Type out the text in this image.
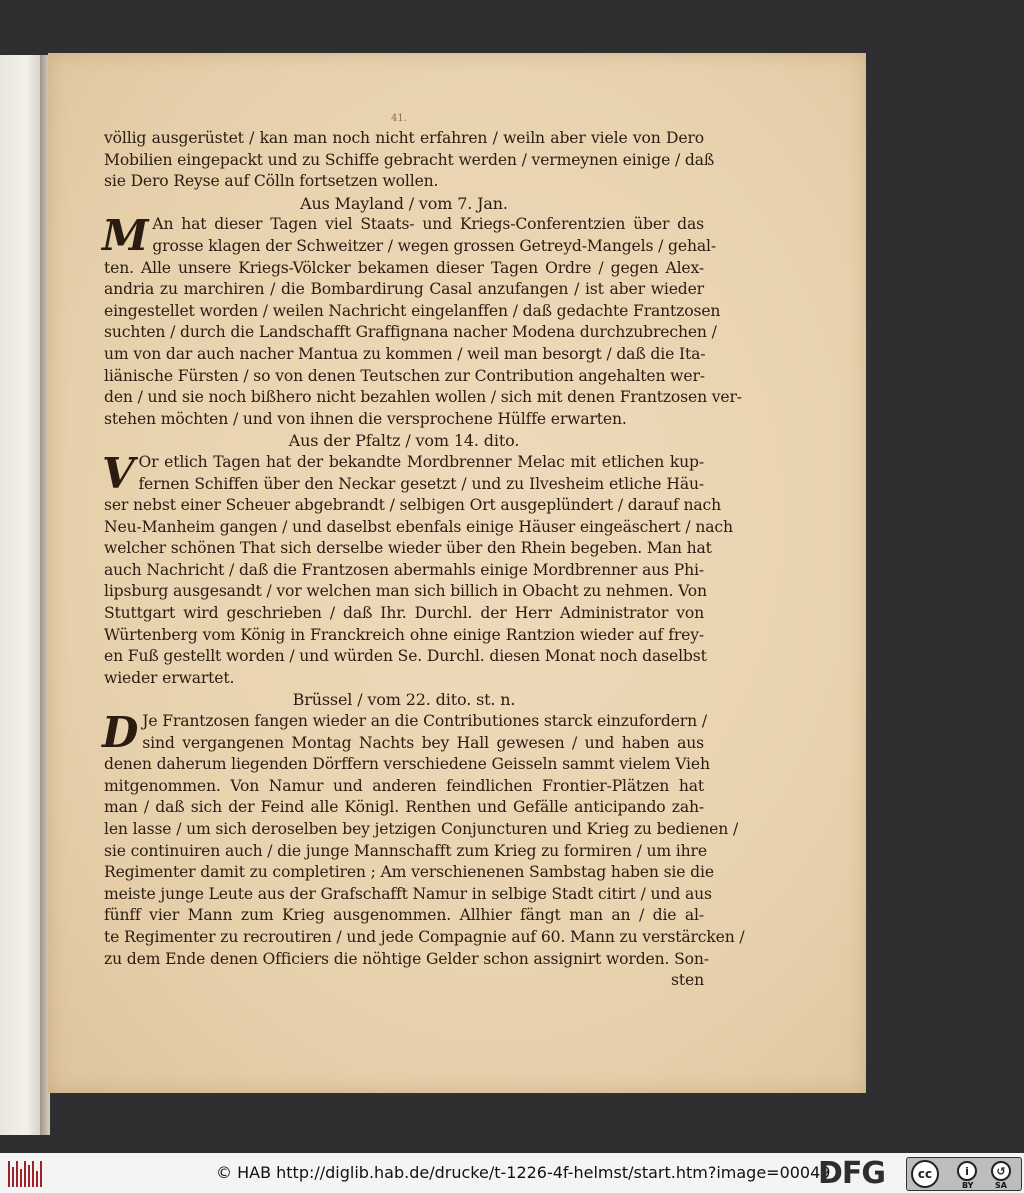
41.
völlig ausgerüstet / kan man noch nicht erfahren / weiln aber viele von Dero
Mobilien eingepackt und zu Schiffe gebracht werden / vermeynen einige / daß
sie Dero Reyse auf Cölln fortsetzen wollen.
Aus Mayland / vom 7. Jan.
M An hat dieser Tagen viel Staats- und Kriegs-Conferentzien über das
grosse klagen der Schweitzer / wegen grossen Getreyd-Mangels / gehal-
ten. Alle unsere Kriegs-Völcker bekamen dieser Tagen Ordre / gegen Alex-
andria zu marchiren / die Bombardirung Casal anzufangen / ist aber wieder
eingestellet worden / weilen Nachricht eingelanffen / daß gedachte Frantzosen
suchten / durch die Landschafft Graffignana nacher Modena durchzubrechen /
um von dar auch nacher Mantua zu kommen / weil man besorgt / daß die Ita-
liänische Fürsten / so von denen Teutschen zur Contribution angehalten wer-
den / und sie noch bißhero nicht bezahlen wollen / sich mit denen Frantzosen ver-
stehen möchten / und von ihnen die versprochene Hülffe erwarten.
Aus der Pfaltz / vom 14. dito.
V Or etlich Tagen hat der bekandte Mordbrenner Melac mit etlichen kup-
fernen Schiffen über den Neckar gesetzt / und zu Ilvesheim etliche Häu-
ser nebst einer Scheuer abgebrandt / selbigen Ort ausgeplündert / darauf nach
Neu-Manheim gangen / und daselbst ebenfals einige Häuser eingeäschert / nach
welcher schönen That sich derselbe wieder über den Rhein begeben. Man hat
auch Nachricht / daß die Frantzosen abermahls einige Mordbrenner aus Phi-
lipsburg ausgesandt / vor welchen man sich billich in Obacht zu nehmen. Von
Stuttgart wird geschrieben / daß Ihr. Durchl. der Herr Administrator von
Würtenberg vom König in Franckreich ohne einige Rantzion wieder auf frey-
en Fuß gestellt worden / und würden Se. Durchl. diesen Monat noch daselbst
wieder erwartet.
Brüssel / vom 22. dito. st. n.
D Je Frantzosen fangen wieder an die Contributiones starck einzufordern /
sind vergangenen Montag Nachts bey Hall gewesen / und haben aus
denen daherum liegenden Dörffern verschiedene Geisseln sammt vielem Vieh
mitgenommen. Von Namur und anderen feindlichen Frontier-Plätzen hat
man / daß sich der Feind alle Königl. Renthen und Gefälle anticipando zah-
len lasse / um sich deroselben bey jetzigen Conjuncturen und Krieg zu bedienen /
sie continuiren auch / die junge Mannschafft zum Krieg zu formiren / um ihre
Regimenter damit zu completiren ; Am verschienenen Sambstag haben sie die
meiste junge Leute aus der Grafschafft Namur in selbige Stadt citirt / und aus
fünff vier Mann zum Krieg ausgenommen. Allhier fängt man an / die al-
te Regimenter zu recroutiren / und jede Compagnie auf 60. Mann zu verstärcken /
zu dem Ende denen Officiers die nöhtige Gelder schon assignirt worden. Son-
sten
© HAB http://diglib.hab.de/drucke/t-1226-4f-helmst/start.htm?image=00049
DFG	cc	i	↺
BY	SA
